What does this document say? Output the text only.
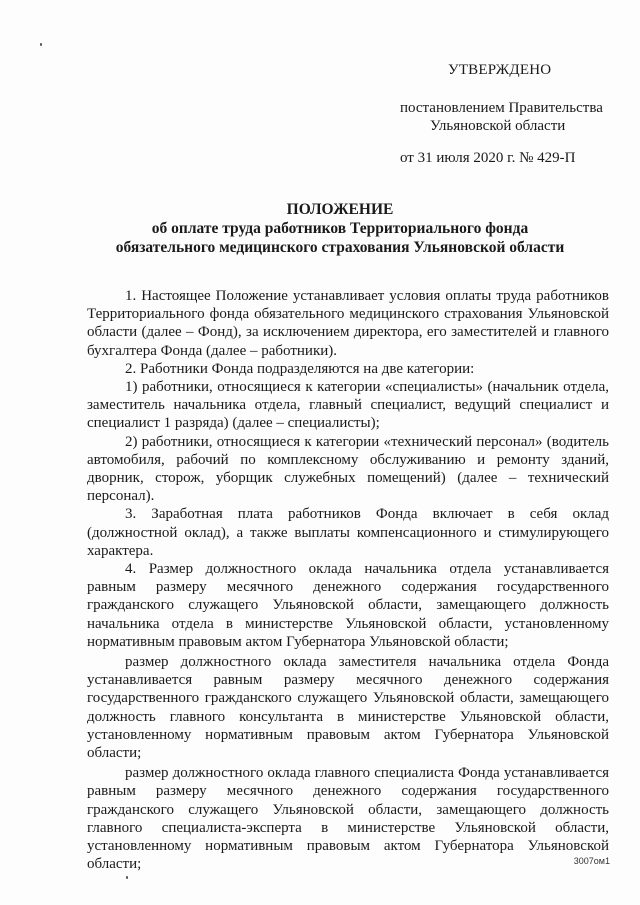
УТВЕРЖДЕНО
постановлением Правительства
Ульяновской области
от 31 июля 2020 г. № 429-П
ПОЛОЖЕНИЕ
об оплате труда работников Территориального фонда
обязательного медицинского страхования Ульяновской области

1. Настоящее Положение устанавливает условия оплаты труда работников Территориального фонда обязательного медицинского страхования Ульяновской области (далее – Фонд), за исключением директора, его заместителей и главного бухгалтера Фонда (далее – работники).

2. Работники Фонда подразделяются на две категории:

1) работники, относящиеся к категории «специалисты» (начальник отдела, заместитель начальника отдела, главный специалист, ведущий специалист и специалист 1 разряда) (далее – специалисты);

2) работники, относящиеся к категории «технический персонал» (водитель автомобиля, рабочий по комплексному обслуживанию и ремонту зданий, дворник, сторож, уборщик служебных помещений) (далее – технический персонал).

3. Заработная плата работников Фонда включает в себя оклад (должностной оклад), а также выплаты компенсационного и стимулирующего характера.

4. Размер должностного оклада начальника отдела устанавливается равным размеру месячного денежного содержания государственного гражданского служащего Ульяновской области, замещающего должность начальника отдела в министерстве Ульяновской области, установленному нормативным правовым актом Губернатора Ульяновской области;

размер должностного оклада заместителя начальника отдела Фонда устанавливается равным размеру месячного денежного содержания государственного гражданского служащего Ульяновской области, замещающего должность главного консультанта в министерстве Ульяновской области, установленному нормативным правовым актом Губернатора Ульяновской области;

размер должностного оклада главного специалиста Фонда устанавливается равным размеру месячного денежного содержания государственного гражданского служащего Ульяновской области, замещающего должность главного специалиста-эксперта в министерстве Ульяновской области, установленному нормативным правовым актом Губернатора Ульяновской области;	3007ом1
